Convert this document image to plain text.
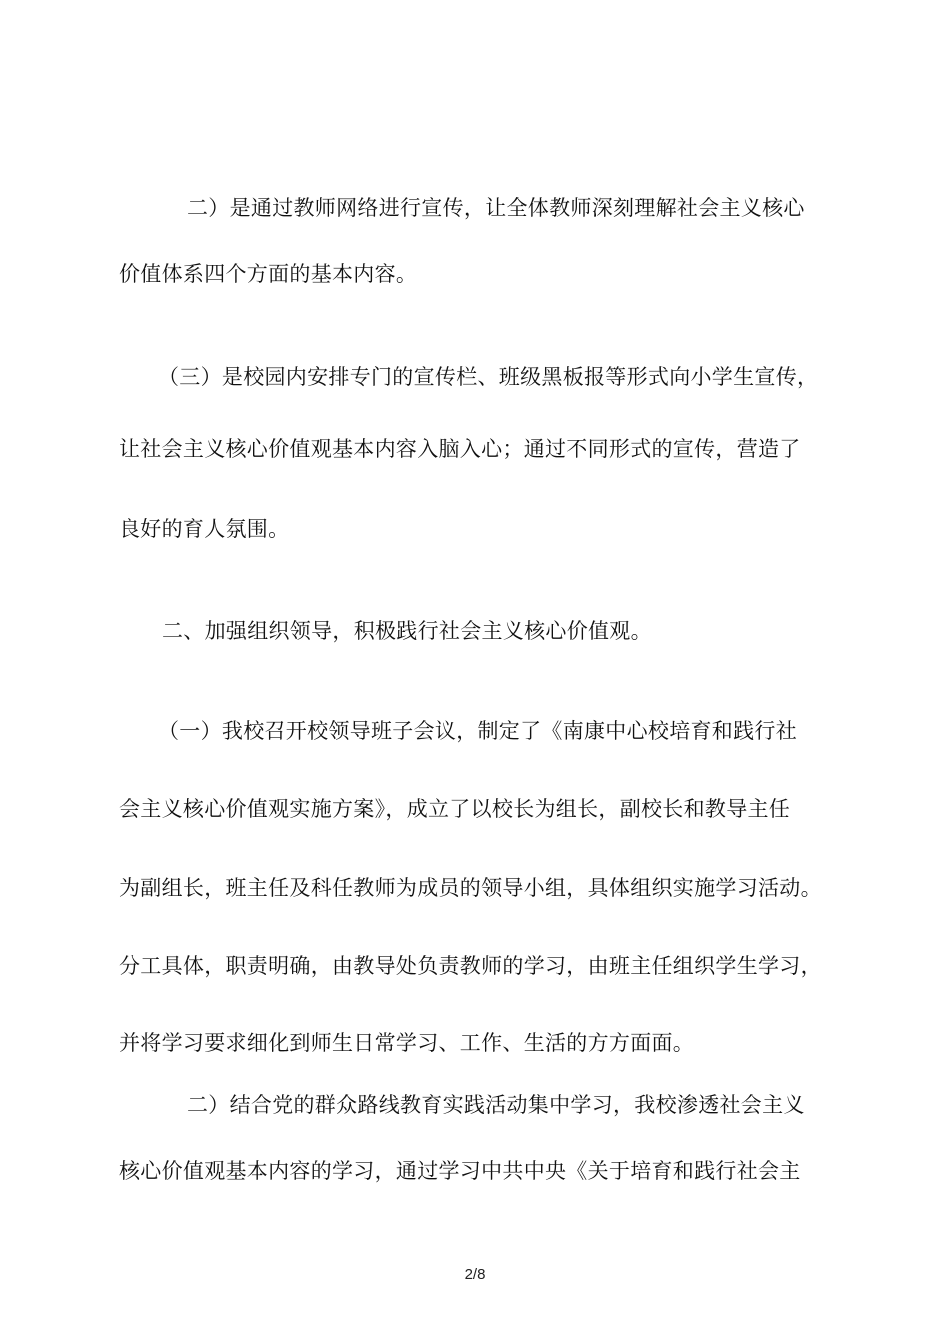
二）是通过教师网络进行宣传，让全体教师深刻理解社会主义核心

价值体系四个方面的基本内容。

（三）是校园内安排专门的宣传栏、班级黑板报等形式向小学生宣传，

让社会主义核心价值观基本内容入脑入心；通过不同形式的宣传，营造了

良好的育人氛围。

二、加强组织领导，积极践行社会主义核心价值观。

（一）我校召开校领导班子会议，制定了《南康中心校培育和践行社

会主义核心价值观实施方案》，成立了以校长为组长，副校长和教导主任

为副组长，班主任及科任教师为成员的领导小组，具体组织实施学习活动。

分工具体，职责明确，由教导处负责教师的学习，由班主任组织学生学习，

并将学习要求细化到师生日常学习、工作、生活的方方面面。

二）结合党的群众路线教育实践活动集中学习，我校渗透社会主义

核心价值观基本内容的学习，通过学习中共中央《关于培育和践行社会主

2/8
